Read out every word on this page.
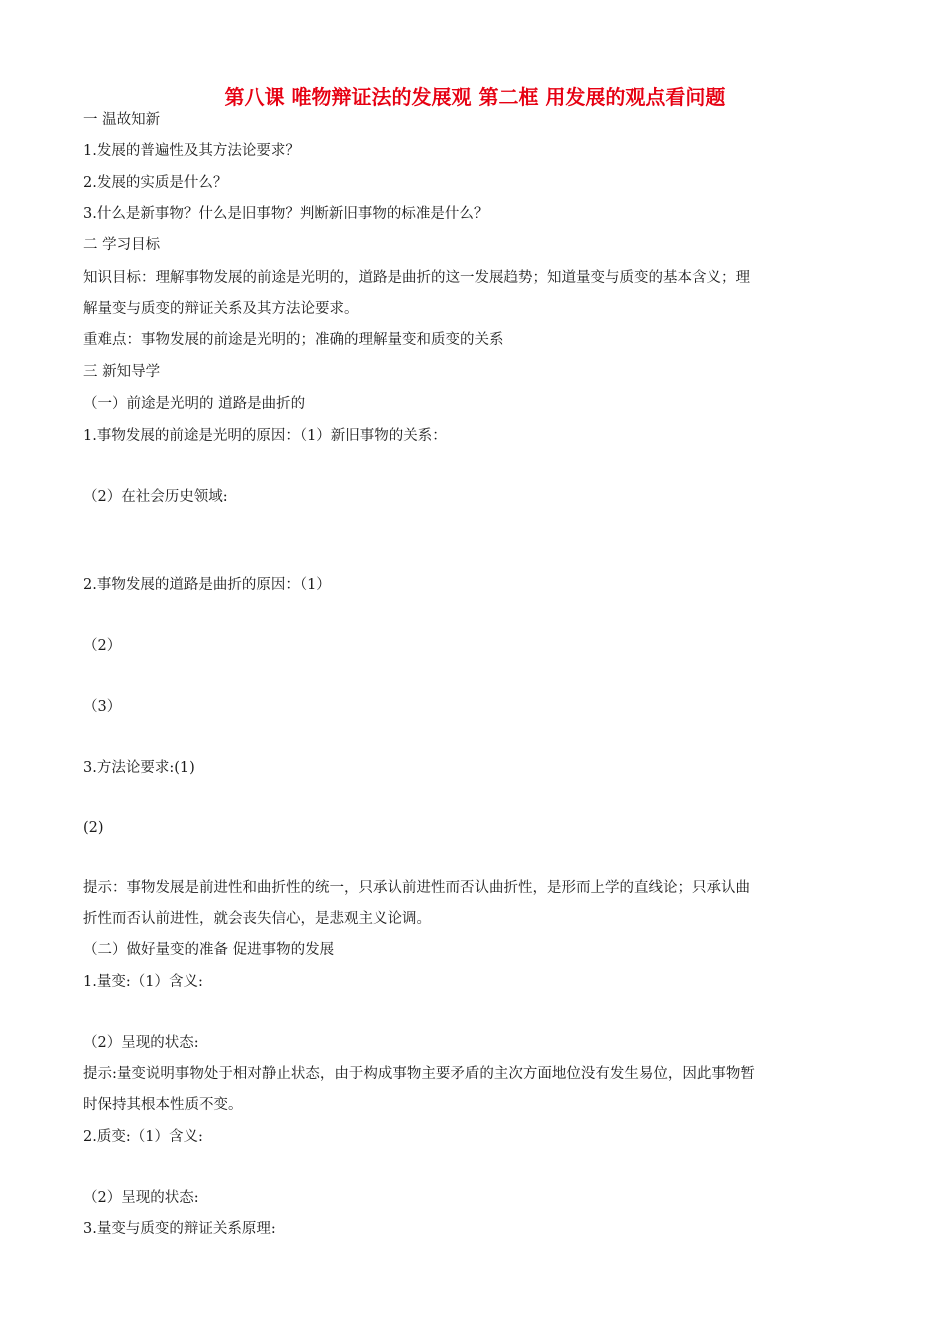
第八课 唯物辩证法的发展观 第二框 用发展的观点看问题
一 温故知新
1.发展的普遍性及其方法论要求？
2.发展的实质是什么？
3.什么是新事物？什么是旧事物？判断新旧事物的标准是什么？
二 学习目标
知识目标：理解事物发展的前途是光明的，道路是曲折的这一发展趋势；知道量变与质变的基本含义；理
解量变与质变的辩证关系及其方法论要求。
重难点：事物发展的前途是光明的；准确的理解量变和质变的关系
三 新知导学
（一）前途是光明的 道路是曲折的
1.事物发展的前途是光明的原因：（1）新旧事物的关系：
（2）在社会历史领域:
2.事物发展的道路是曲折的原因：（1）
（2）
（3）
3.方法论要求:(1)
(2)
提示：事物发展是前进性和曲折性的统一，只承认前进性而否认曲折性，是形而上学的直线论；只承认曲
折性而否认前进性，就会丧失信心，是悲观主义论调。
（二）做好量变的准备 促进事物的发展
1.量变:（1）含义:
（2）呈现的状态:
提示:量变说明事物处于相对静止状态，由于构成事物主要矛盾的主次方面地位没有发生易位，因此事物暂
时保持其根本性质不变。
2.质变:（1）含义:
（2）呈现的状态:
3.量变与质变的辩证关系原理:
